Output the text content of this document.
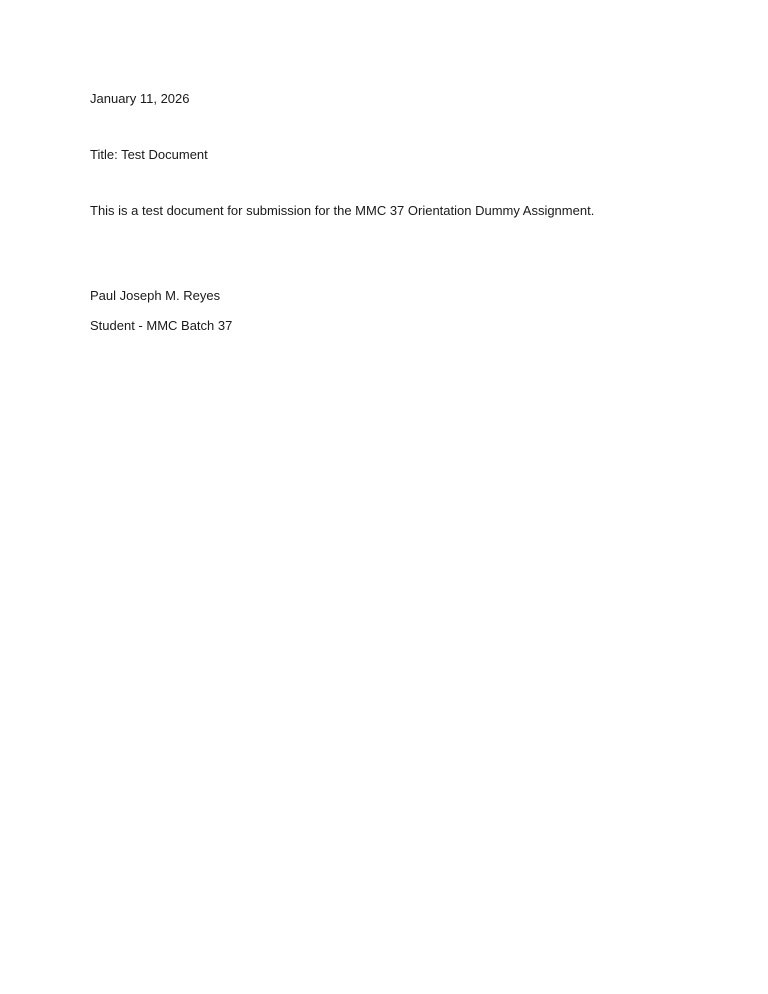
January 11, 2026
Title: Test Document
This is a test document for submission for the MMC 37 Orientation Dummy Assignment.
Paul Joseph M. Reyes
Student - MMC Batch 37
